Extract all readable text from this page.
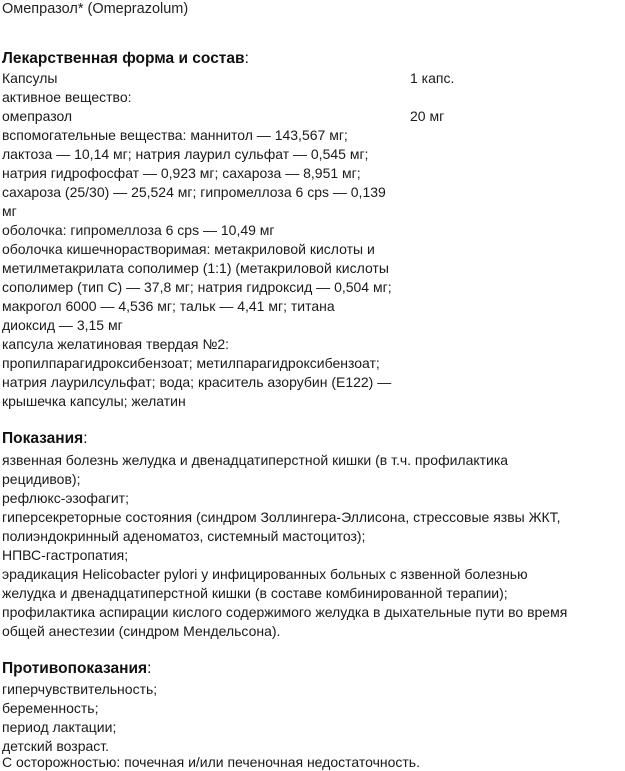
Омепразол* (Omeprazolum)
Лекарственная форма и состав:
Капсулы	1 капс.
активное вещество:
омепразол	20 мг
вспомогательные вещества: маннитол — 143,567 мг;
лактоза — 10,14 мг; натрия лаурил сульфат — 0,545 мг;
натрия гидрофосфат — 0,923 мг; сахароза — 8,951 мг;
сахароза (25/30) — 25,524 мг; гипромеллоза 6 cps — 0,139
мг
оболочка: гипромеллоза 6 cps — 10,49 мг
оболочка кишечнорастворимая: метакриловой кислоты и
метилметакрилата сополимер (1:1) (метакриловой кислоты
сополимер (тип С) — 37,8 мг; натрия гидроксид — 0,504 мг;
макрогол 6000 — 4,536 мг; тальк — 4,41 мг; титана
диоксид — 3,15 мг
капсула желатиновая твердая №2:
пропилпарагидроксибензоат; метилпарагидроксибензоат;
натрия лаурилсульфат; вода; краситель азорубин (Е122) —
крышечка капсулы; желатин
Показания:
язвенная болезнь желудка и двенадцатиперстной кишки (в т.ч. профилактика
рецидивов);
рефлюкс-эзофагит;
гиперсекреторные состояния (синдром Золлингера-Эллисона, стрессовые язвы ЖКТ,
полиэндокринный аденоматоз, системный мастоцитоз);
НПВС-гастропатия;
эрадикация Helicobacter pylori у инфицированных больных с язвенной болезнью
желудка и двенадцатиперстной кишки (в составе комбинированной терапии);
профилактика аспирации кислого содержимого желудка в дыхательные пути во время
общей анестезии (синдром Мендельсона).
Противопоказания:
гиперчувствительность;
беременность;
период лактации;
детский возраст.
С осторожностью: почечная и/или печеночная недостаточность.
